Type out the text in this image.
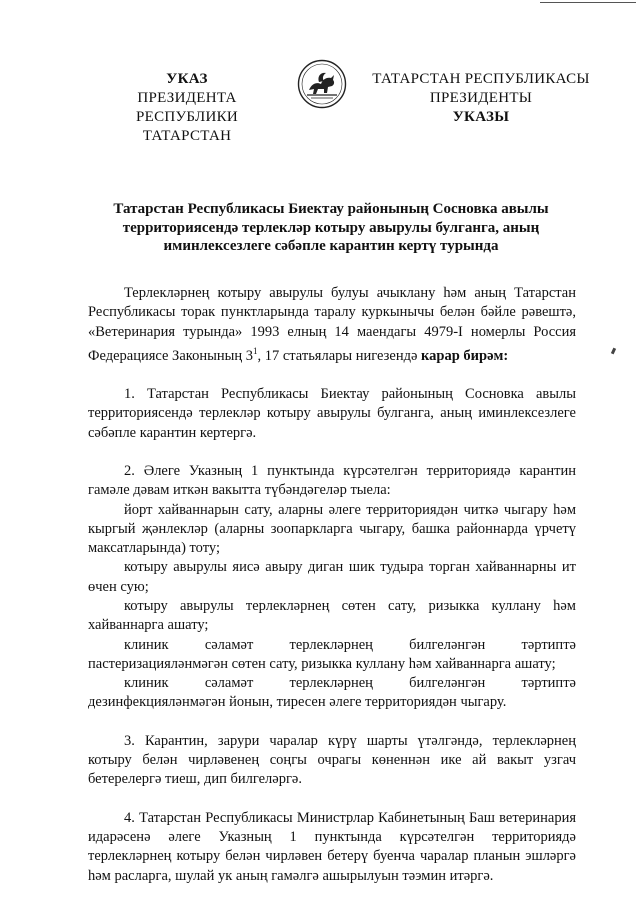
УКАЗ
ПРЕЗИДЕНТА
РЕСПУБЛИКИ ТАТАРСТАН
ТАТАРСТАН РЕСПУБЛИКАСЫ
ПРЕЗИДЕНТЫ
УКАЗЫ
Татарстан Республикасы Биектау районының Сосновка авылы территориясендә терлекләр котыру авырулы булганга, аның иминлексезлеге сәбәпле карантин кертү турында

Терлекләрнең котыру авырулы булуы ачыклану һәм аның Татарстан Республикасы торак пунктларында таралу куркынычы белән бәйле рәвештә, «Ветеринария турында» 1993 елның 14 маендагы 4979-I номерлы Россия Федерациясе Законының $3^1$, 17 статьялары нигезендә карар бирәм:

1. Татарстан Республикасы Биектау районының Сосновка авылы территориясендә терлекләр котыру авырулы булганга, аның иминлексезлеге сәбәпле карантин кертергә.

2. Әлеге Указның 1 пунктында күрсәтелгән территориядә карантин гамәле дәвам иткән вакытта түбәндәгеләр тыела:

йорт хайваннарын сату, аларны әлеге территориядән читкә чыгару һәм кыргый җәнлекләр (аларны зоопаркларга чыгару, башка районнарда үрчетү максатларында) тоту;

котыру авырулы яисә авыру диган шик тудыра торган хайваннарны ит өчен сую;

котыру авырулы терлекләрнең сөтен сату, ризыкка куллану һәм хайваннарга ашату;

клиник сәламәт терлекләрнең билгеләнгән тәртиптә

пастеризацияләнмәгән сөтен сату, ризыкка куллану һәм хайваннарга ашату;

клиник сәламәт терлекләрнең билгеләнгән тәртиптә

дезинфекцияләнмәгән йонын, тиресен әлеге территориядән чыгару.

3. Карантин, зарури чаралар күрү шарты үтәлгәндә, терлекләрнең котыру белән чирләвенең соңгы очрагы көненнән ике ай вакыт узгач бетерелергә тиеш, дип билгеләргә.

4. Татарстан Республикасы Министрлар Кабинетының Баш ветеринария идарәсенә әлеге Указның 1 пунктында күрсәтелгән территориядә терлекләрнең котыру белән чирләвен бетерү буенча чаралар планын эшләргә һәм расларга, шулай ук аның гамәлгә ашырылуын тәэмин итәргә.
